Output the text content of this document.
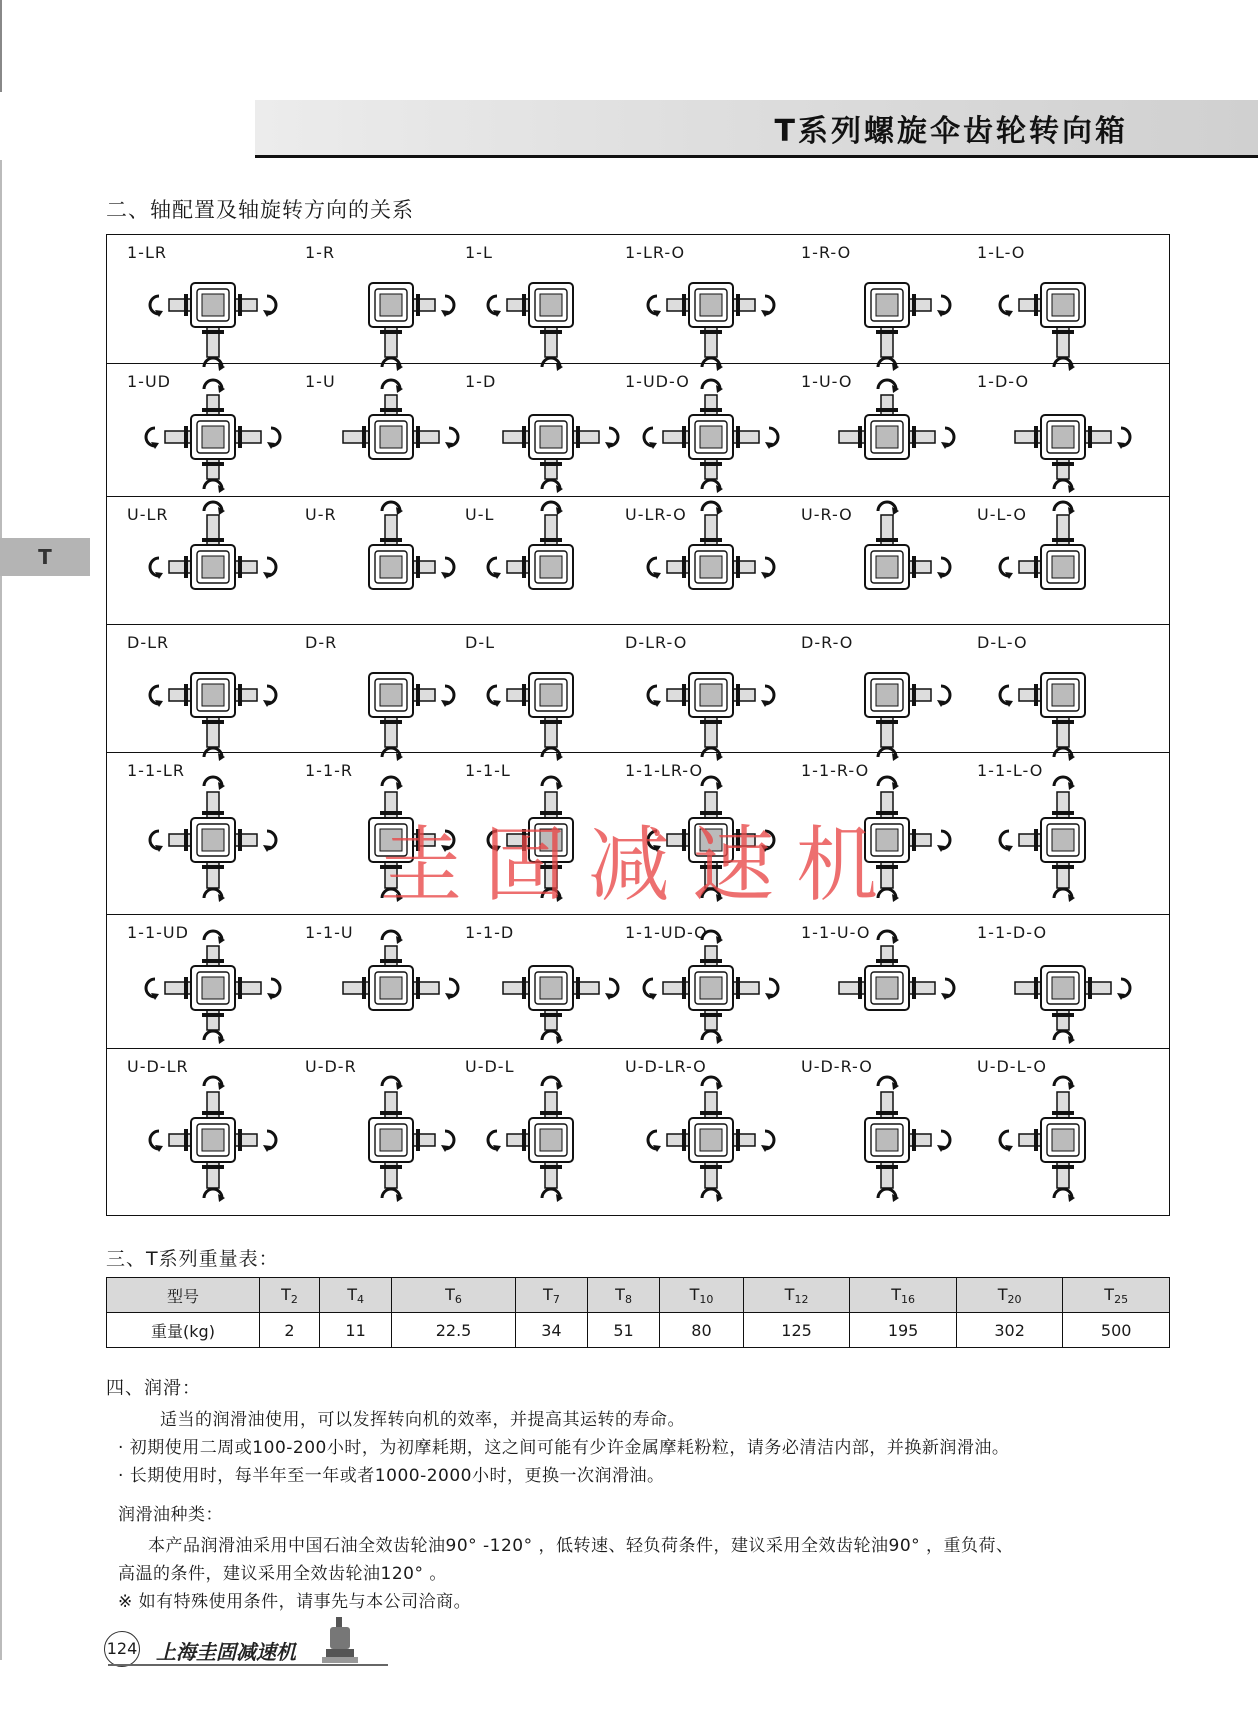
T系列螺旋伞齿轮转向箱
T
二、轴配置及轴旋转方向的关系
1-LR	1-R	1-L	1-LR-O	1-R-O	1-L-O
1-UD	1-U	1-D	1-UD-O	1-U-O	1-D-O
U-LR	U-R	U-L	U-LR-O	U-R-O	U-L-O
D-LR	D-R	D-L	D-LR-O	D-R-O	D-L-O
1-1-LR	1-1-R	1-1-L	1-1-LR-O	1-1-R-O	1-1-L-O
1-1-UD	1-1-U	1-1-D	1-1-UD-O	1-1-U-O	1-1-D-O
U-D-LR	U-D-R	U-D-L	U-D-LR-O	U-D-R-O	U-D-L-O
圭固减速机
三、T系列重量表：
型号	$T_2$	$T_4$	$T_6$	$T_7$	$T_8$	$T_{10}$	$T_{12}$	$T_{16}$	$T_{20}$	$T_{25}$
重量(kg)	2	11	22.5	34	51	80	125	195	302	500
四、润滑：
适当的润滑油使用，可以发挥转向机的效率，并提高其运转的寿命。
· 初期使用二周或100-200小时，为初摩耗期，这之间可能有少许金属摩耗粉粒，请务必清洁内部，并换新润滑油。
· 长期使用时，每半年至一年或者1000-2000小时，更换一次润滑油。
润滑油种类：
本产品润滑油采用中国石油全效齿轮油90° -120° ，低转速、轻负荷条件，建议采用全效齿轮油90° ，重负荷、
高温的条件，建议采用全效齿轮油120° 。
※ 如有特殊使用条件，请事先与本公司洽商。
124 上海圭固减速机
